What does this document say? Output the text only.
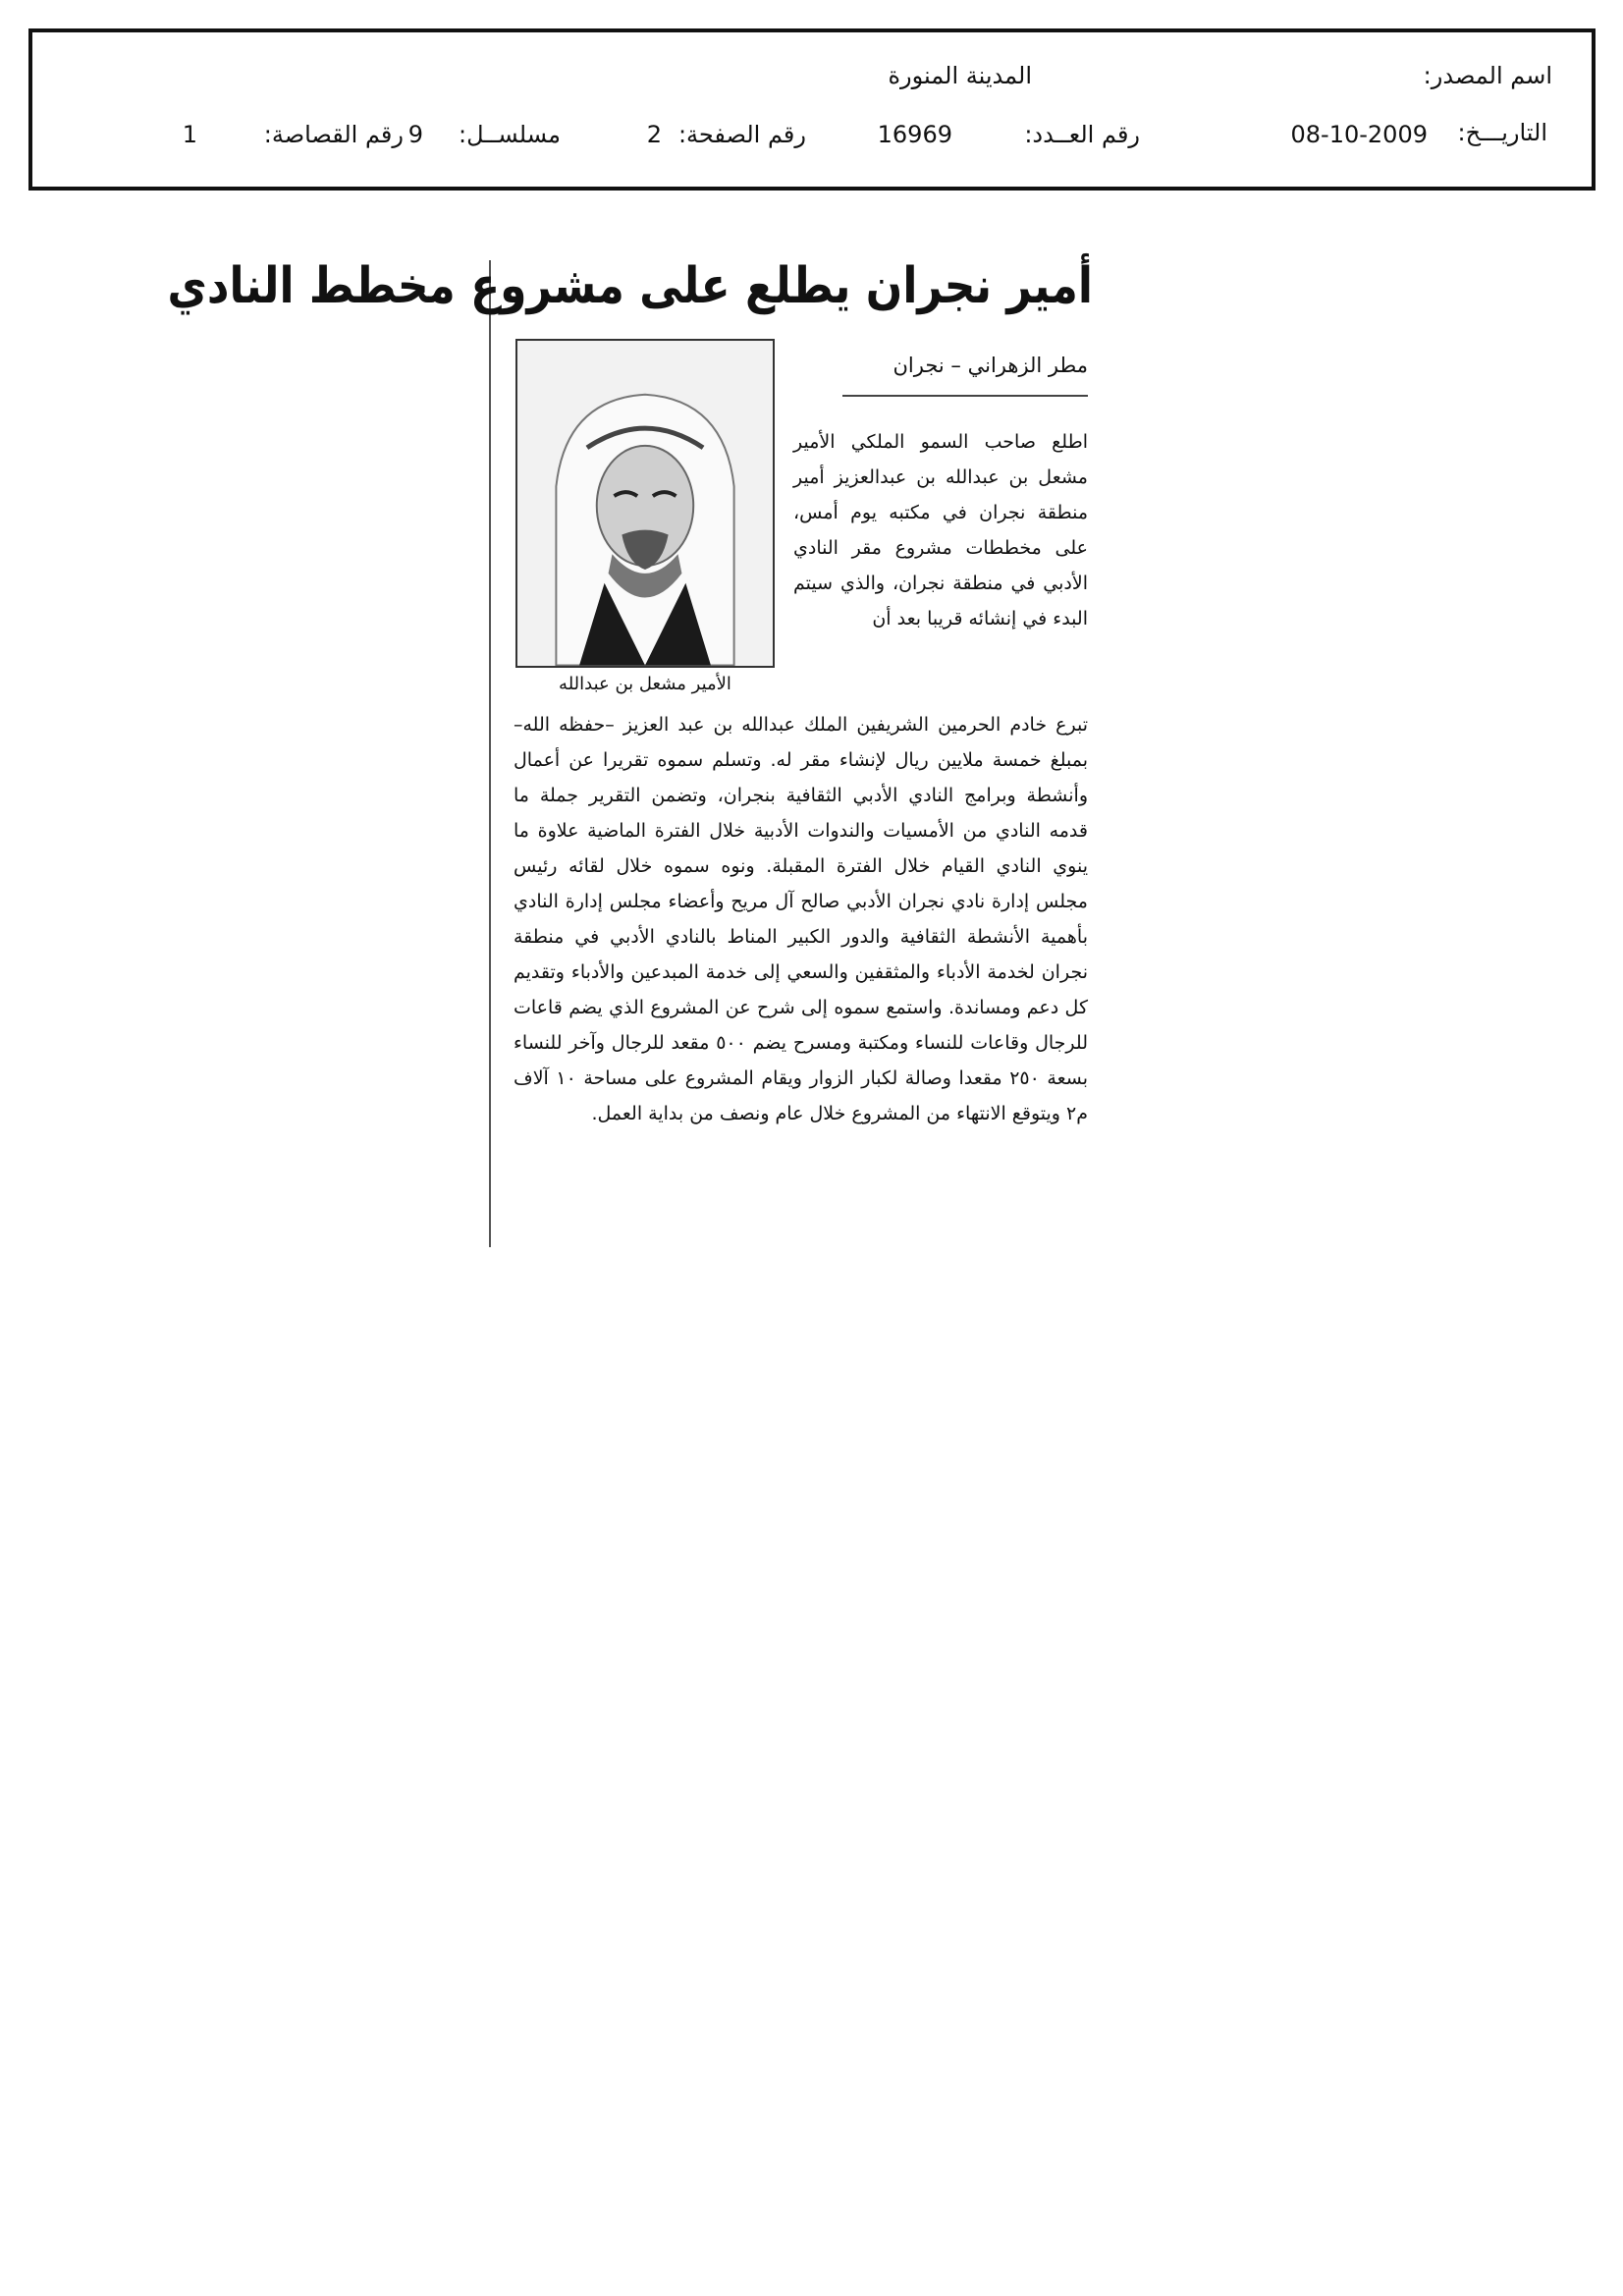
اسم المصدر:
المدينة المنورة
التاريـــخ:
08-10-2009
رقم العــدد:
16969
رقم الصفحة:
2
مسلســل:
9
رقم القصاصة:
1
أمير نجران يطلع على مشروع مخطط النادي
الأمير مشعل بن عبدالله
مطر الزهراني – نجران

اطلع صاحب السمو الملكي الأمير مشعل بن عبدالله بن عبدالعزيز أمير منطقة نجران في مكتبه يوم أمس، على مخططات مشروع مقر النادي الأدبي في منطقة نجران، والذي سيتم البدء في إنشائه قريبا بعد أن

تبرع خادم الحرمين الشريفين الملك عبدالله بن عبد العزيز –حفظه الله– بمبلغ خمسة ملايين ريال لإنشاء مقر له. وتسلم سموه تقريرا عن أعمال وأنشطة وبرامج النادي الأدبي الثقافية بنجران، وتضمن التقرير جملة ما قدمه النادي من الأمسيات والندوات الأدبية خلال الفترة الماضية علاوة ما ينوي النادي القيام خلال الفترة المقبلة. ونوه سموه خلال لقائه رئيس مجلس إدارة نادي نجران الأدبي صالح آل مريح وأعضاء مجلس إدارة النادي بأهمية الأنشطة الثقافية والدور الكبير المناط بالنادي الأدبي في منطقة نجران لخدمة الأدباء والمثقفين والسعي إلى خدمة المبدعين والأدباء وتقديم كل دعم ومساندة. واستمع سموه إلى شرح عن المشروع الذي يضم قاعات للرجال وقاعات للنساء ومكتبة ومسرح يضم ٥٠٠ مقعد للرجال وآخر للنساء بسعة ٢٥٠ مقعدا وصالة لكبار الزوار ويقام المشروع على مساحة ١٠ آلاف م٢ ويتوقع الانتهاء من المشروع خلال عام ونصف من بداية العمل.
